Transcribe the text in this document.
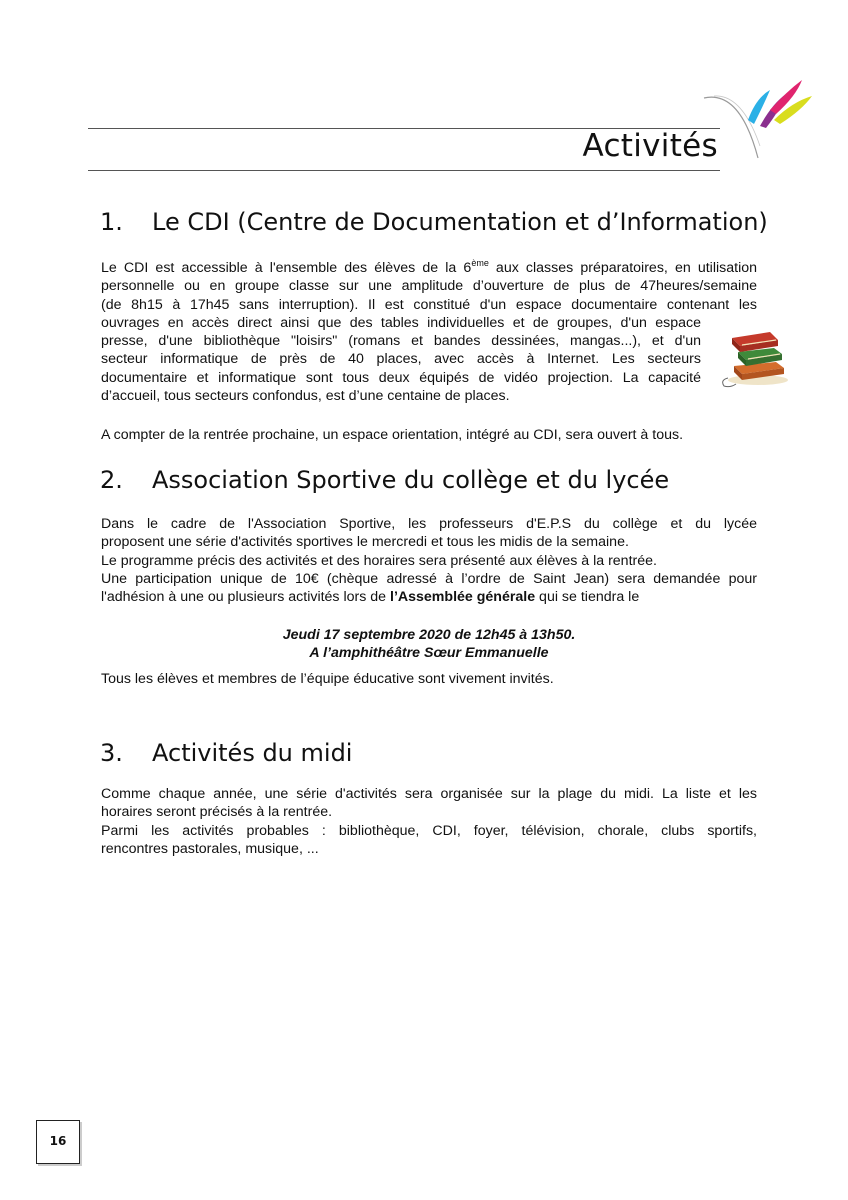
Activités
1. Le CDI (Centre de Documentation et d’Information)
Le CDI est accessible à l'ensemble des élèves de la 6ème aux classes préparatoires, en utilisation
personnelle ou en groupe classe sur une amplitude d’ouverture de plus de 47heures/semaine
(de 8h15 à 17h45 sans interruption). Il est constitué d'un espace documentaire contenant les
ouvrages en accès direct ainsi que des tables individuelles et de groupes, d'un espace
presse, d'une bibliothèque "loisirs" (romans et bandes dessinées, mangas...), et d'un
secteur informatique de près de 40 places, avec accès à Internet. Les secteurs
documentaire et informatique sont tous deux équipés de vidéo projection. La capacité
d’accueil, tous secteurs confondus, est d’une centaine de places.
A compter de la rentrée prochaine, un espace orientation, intégré au CDI, sera ouvert à tous.
2. Association Sportive du collège et du lycée
Dans le cadre de l'Association Sportive, les professeurs d'E.P.S du collège et du lycée
proposent une série d'activités sportives le mercredi et tous les midis de la semaine.
Le programme précis des activités et des horaires sera présenté aux élèves à la rentrée.
Une participation unique de 10€ (chèque adressé à l’ordre de Saint Jean) sera demandée pour
l'adhésion à une ou plusieurs activités lors de l’Assemblée générale qui se tiendra le
Jeudi 17 septembre 2020 de 12h45 à 13h50.
A l’amphithéâtre Sœur Emmanuelle
Tous les élèves et membres de l’équipe éducative sont vivement invités.
3. Activités du midi
Comme chaque année, une série d'activités sera organisée sur la plage du midi. La liste et les
horaires seront précisés à la rentrée.
Parmi les activités probables : bibliothèque, CDI, foyer, télévision, chorale, clubs sportifs,
rencontres pastorales, musique, ...
16
